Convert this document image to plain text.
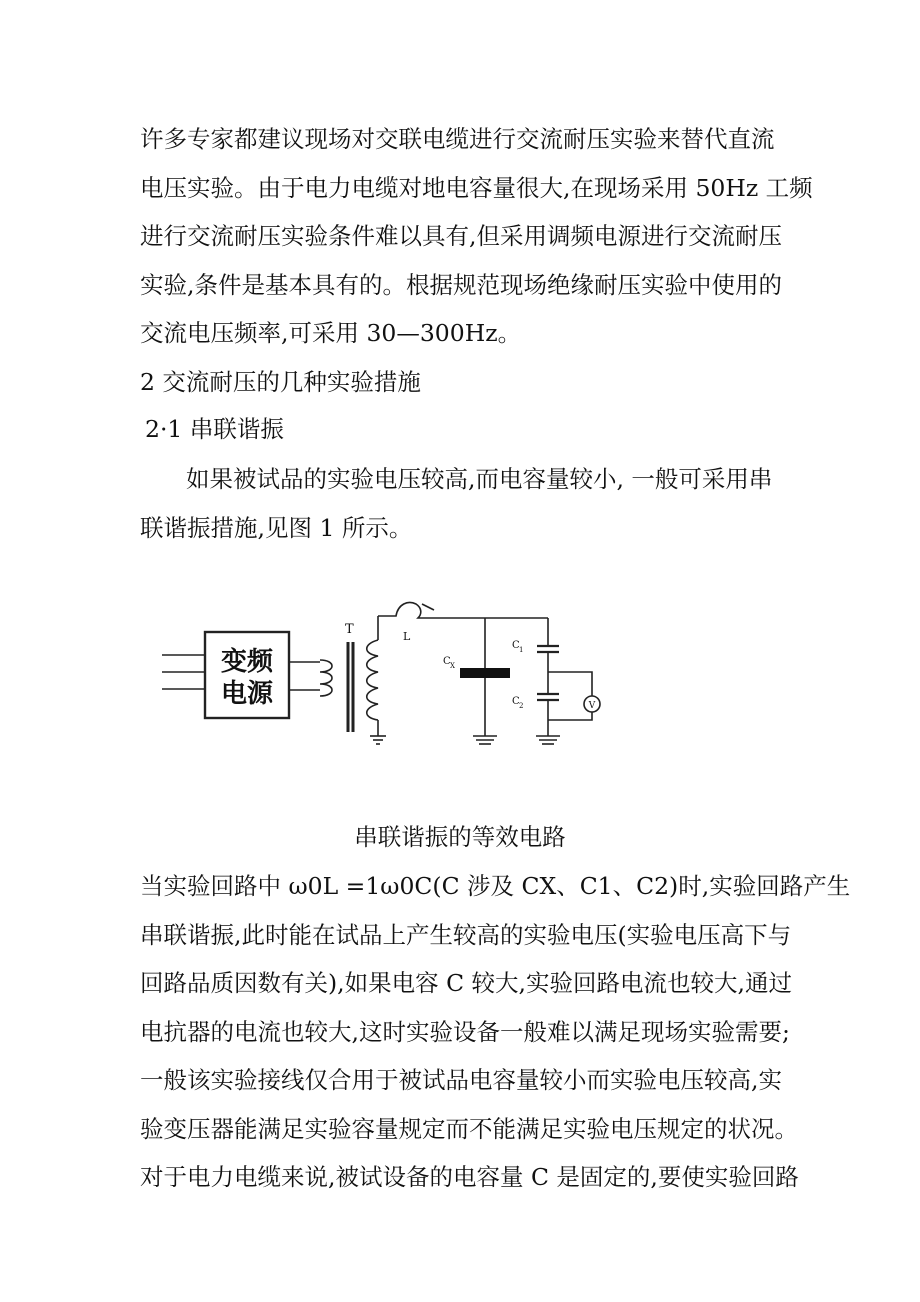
许多专家都建议现场对交联电缆进行交流耐压实验来替代直流
电压实验。由于电力电缆对地电容量很大,在现场采用 50Hz 工频
进行交流耐压实验条件难以具有,但采用调频电源进行交流耐压
实验,条件是基本具有的。根据规范现场绝缘耐压实验中使用的
交流电压频率,可采用 30—300Hz。

2 交流耐压的几种实验措施

2·1 串联谐振

如果被试品的实验电压较高,而电容量较小, 一般可采用串
联谐振措施,见图 1 所示。
变频
电源
T	L
C X
C 1
C 2	V

串联谐振的等效电路

当实验回路中 ω0L =1ω0C(C 涉及 CX、C1、C2)时,实验回路产生
串联谐振,此时能在试品上产生较高的实验电压(实验电压高下与
回路品质因数有关),如果电容 C 较大,实验回路电流也较大,通过
电抗器的电流也较大,这时实验设备一般难以满足现场实验需要;
一般该实验接线仅合用于被试品电容量较小而实验电压较高,实
验变压器能满足实验容量规定而不能满足实验电压规定的状况。
对于电力电缆来说,被试设备的电容量 C 是固定的,要使实验回路
